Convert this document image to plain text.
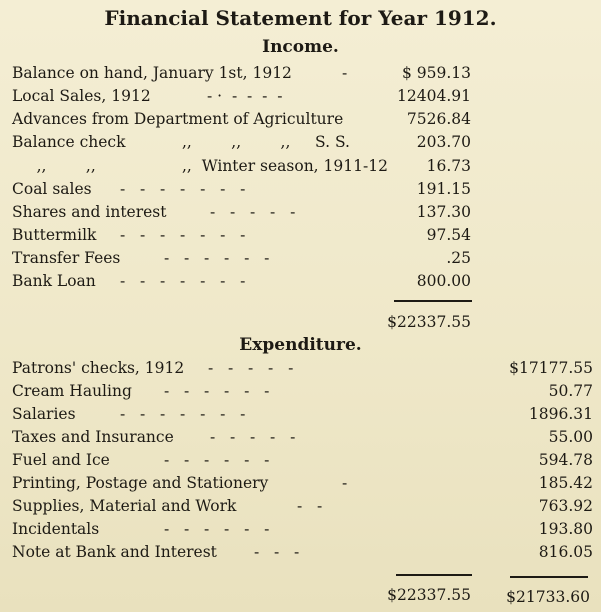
Financial Statement for Year 1912.
Income.
Balance on hand, January 1st, 1912	-	$ 959.13
Local Sales, 1912	- ·  -  -  -  -	12404.91
Advances from Department of Agriculture	7526.84
Balance check	,,        ,,        ,,     S. S.	203.70
,,        ,,	,,  Winter season, 1911-12 16.73
Coal sales -   -   -   -   -   -   -	191.15
Shares and interest	-   -   -   -   -	137.30
Buttermilk -   -   -   -   -   -   -	97.54
Transfer Fees	-   -   -   -   -   -	.25
Bank Loan -   -   -   -   -   -   -	800.00
$22337.55
Expenditure.
Patrons' checks, 1912 -   -   -   -   -	$17177.55
Cream Hauling -   -   -   -   -   -	50.77
Salaries	-   -   -   -   -   -   -	1896.31
Taxes and Insurance -   -   -   -   -	55.00
Fuel and Ice	-   -   -   -   -   -	594.78
Printing, Postage and Stationery	-	185.42
Supplies, Material and Work	-   -	763.92
Incidentals	-   -   -   -   -   -	193.80
Note at Bank and Interest -   -   -	816.05
$22337.55	$21733.60
